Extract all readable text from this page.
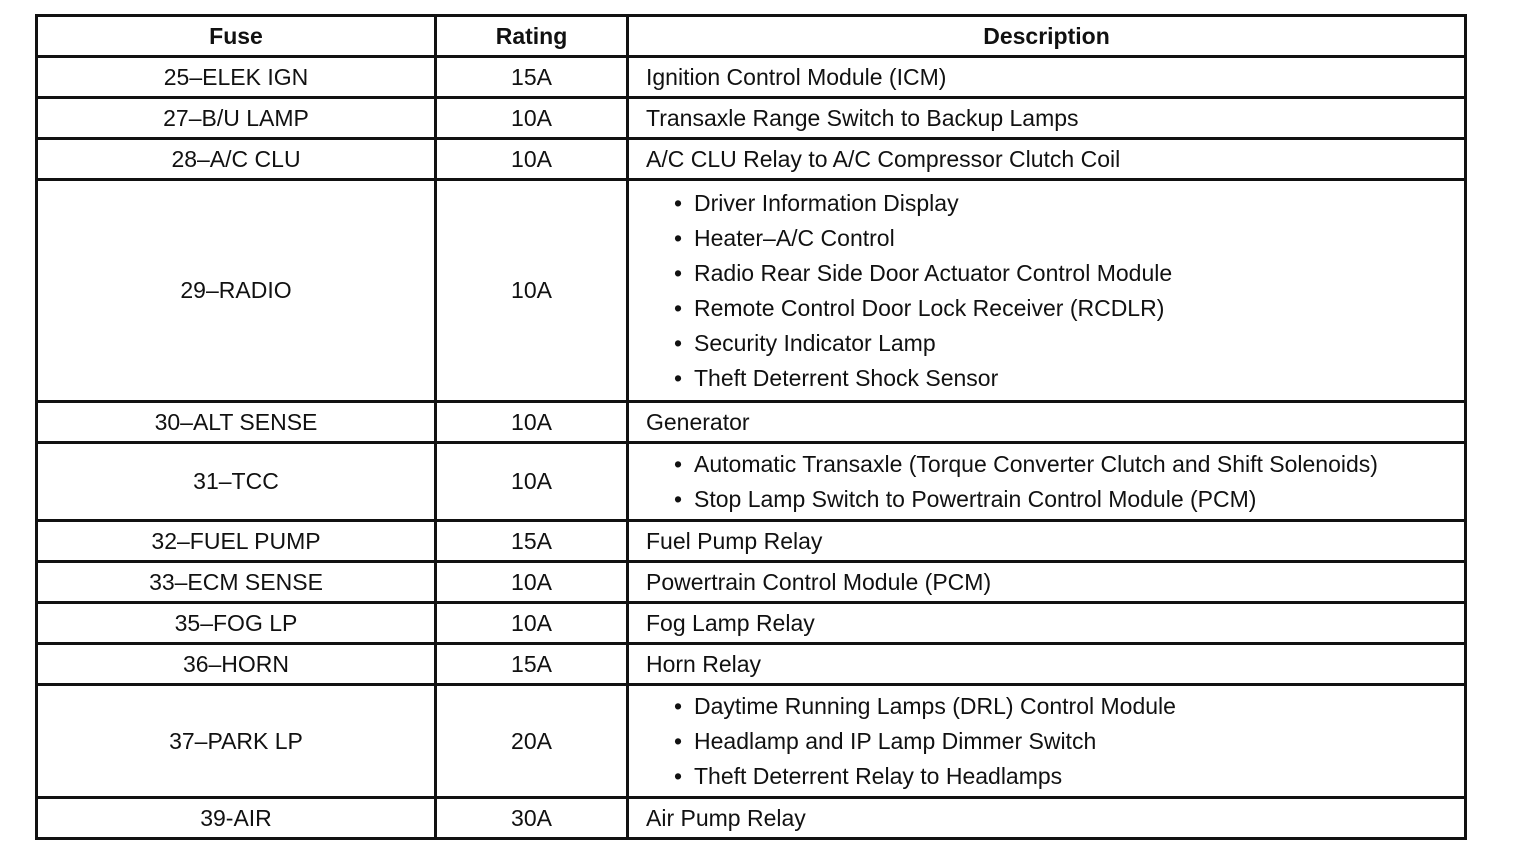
Fuse	Rating	Description
25–ELEK IGN	15A	Ignition Control Module (ICM)
27–B/U LAMP	10A	Transaxle Range Switch to Backup Lamps
28–A/C CLU	10A	A/C CLU Relay to A/C Compressor Clutch Coil
29–RADIO	10A
• Driver Information Display
• Heater–A/C Control
• Radio Rear Side Door Actuator Control Module
• Remote Control Door Lock Receiver (RCDLR)
• Security Indicator Lamp
• Theft Deterrent Shock Sensor
30–ALT SENSE	10A	Generator
31–TCC	10A
• Automatic Transaxle (Torque Converter Clutch and Shift Solenoids)
• Stop Lamp Switch to Powertrain Control Module (PCM)
32–FUEL PUMP	15A	Fuel Pump Relay
33–ECM SENSE	10A	Powertrain Control Module (PCM)
35–FOG LP	10A	Fog Lamp Relay
36–HORN	15A	Horn Relay
37–PARK LP	20A
• Daytime Running Lamps (DRL) Control Module
• Headlamp and IP Lamp Dimmer Switch
• Theft Deterrent Relay to Headlamps
39-AIR	30A	Air Pump Relay
